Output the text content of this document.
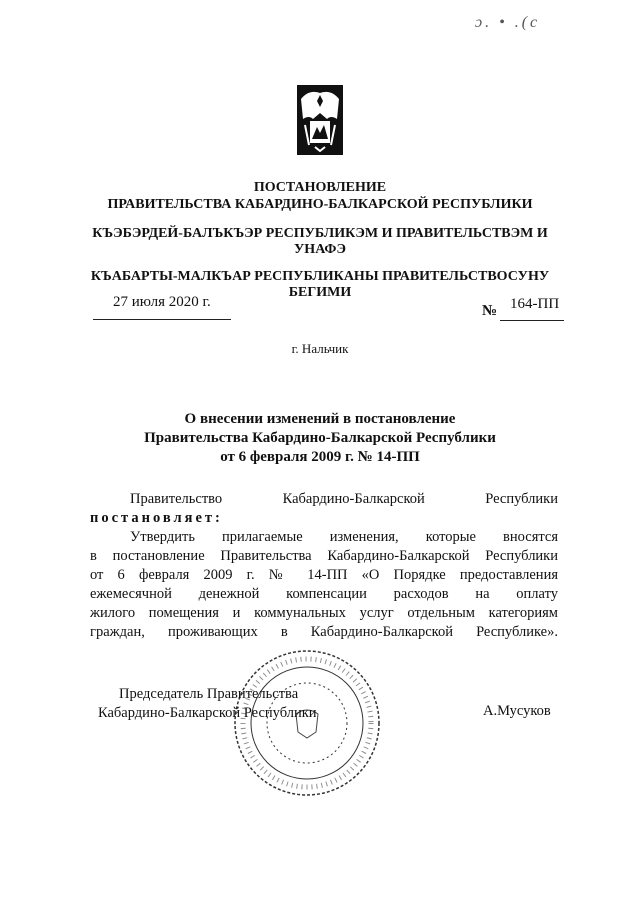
ɔ. • .(c
ПОСТАНОВЛЕНИЕ
ПРАВИТЕЛЬСТВА КАБАРДИНО-БАЛКАРСКОЙ РЕСПУБЛИКИ
КЪЭБЭРДЕЙ-БАЛЪКЪЭР РЕСПУБЛИКЭМ И ПРАВИТЕЛЬСТВЭМ И
УНАФЭ
КЪАБАРТЫ-МАЛКЪАР РЕСПУБЛИКАНЫ ПРАВИТЕЛЬСТВОСУНУ
БЕГИМИ
27 июля 2020 г.
№ 164-ПП
г. Нальчик
О внесении изменений в постановление
Правительства Кабардино-Балкарской Республики
от 6 февраля 2009 г. № 14-ПП
Правительство Кабардино-Балкарской Республики
постановляет:
Утвердить прилагаемые изменения, которые вносятся
в постановление Правительства Кабардино-Балкарской Республики
от 6 февраля 2009 г. № 14-ПП «О Порядке предоставления
ежемесячной денежной компенсации расходов на оплату
жилого помещения и коммунальных услуг отдельным категориям
граждан, проживающих в Кабардино-Балкарской Республике».
Председатель Правительства
Кабардино-Балкарской Республики	А.Мусуков
